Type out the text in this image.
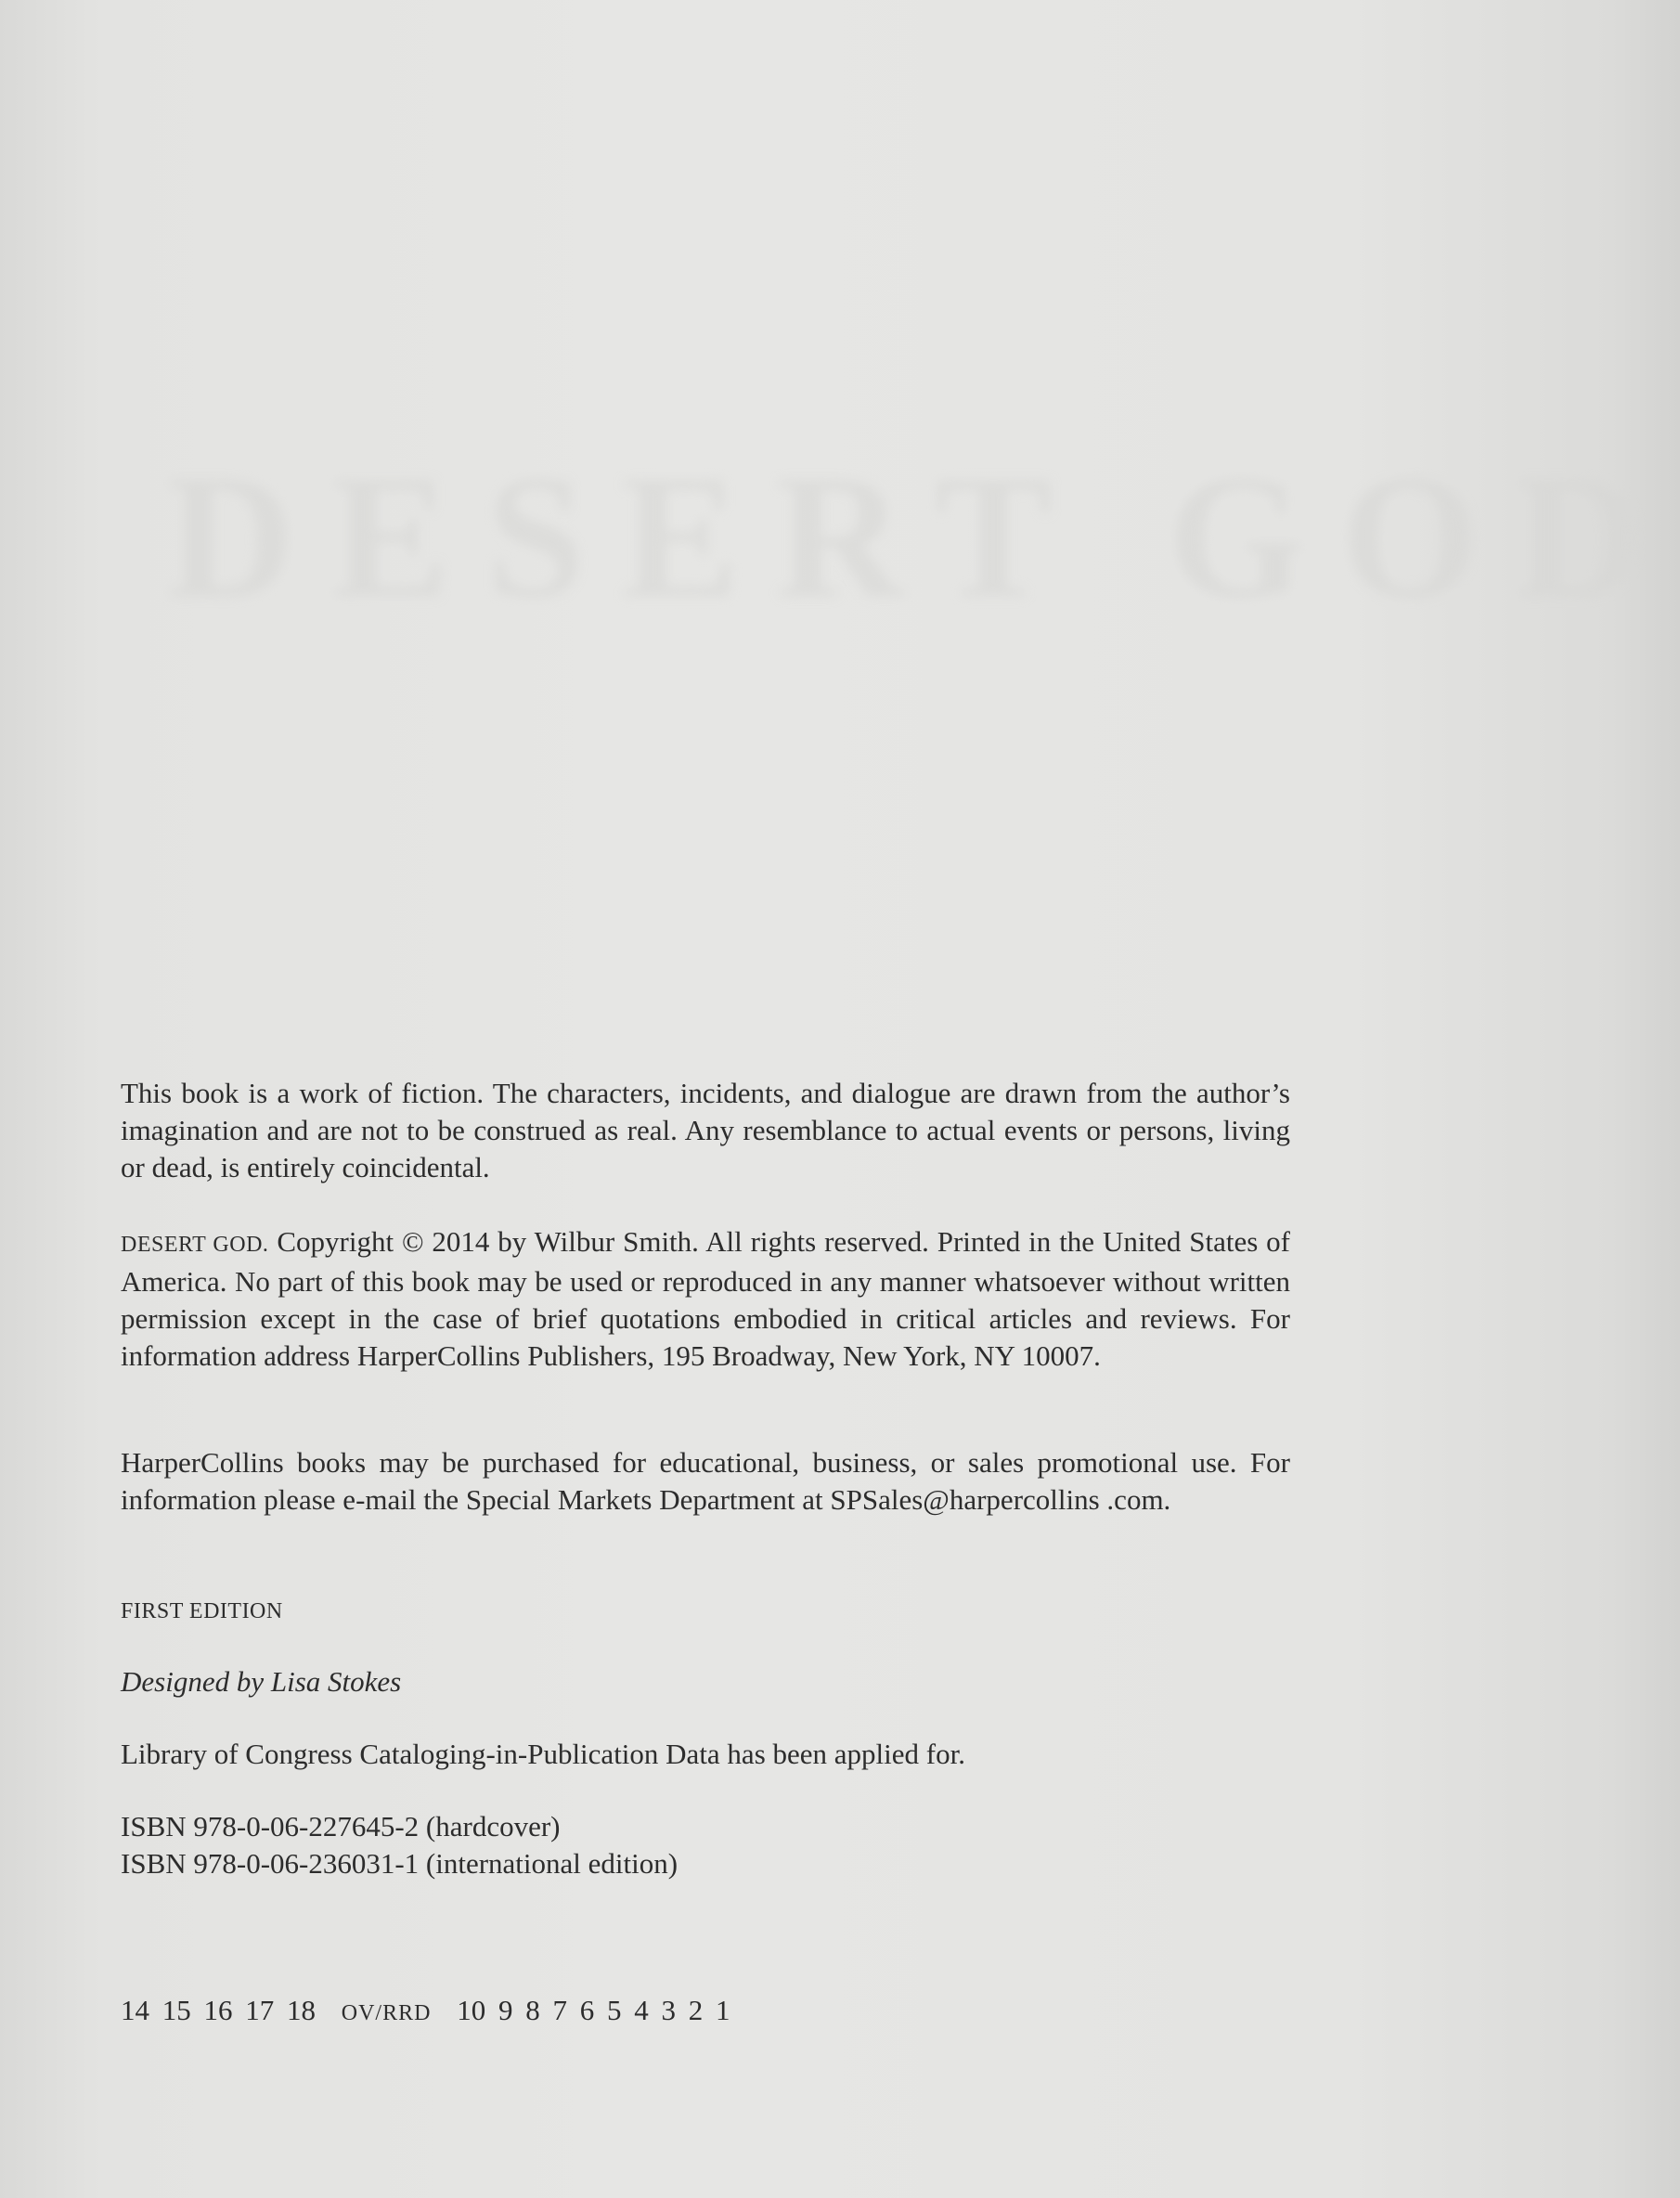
DESERT GOD

This book is a work of fiction. The characters, incidents, and dialogue are drawn from the author’s imagination and are not to be construed as real. Any resemblance to actual events or persons, living or dead, is entirely coincidental.

DESERT GOD. Copyright © 2014 by Wilbur Smith. All rights reserved. Printed in the United States of America. No part of this book may be used or reproduced in any manner whatsoever without written permission except in the case of brief quotations embodied in critical articles and reviews. For information address HarperCollins Publishers, 195 Broadway, New York, NY 10007.

HarperCollins books may be purchased for educational, business, or sales promotional use. For information please e-mail the Special Markets Department at SPSales@harpercollins .com.

FIRST EDITION

Designed by Lisa Stokes

Library of Congress Cataloging-in-Publication Data has been applied for.

ISBN 978-0-06-227645-2 (hardcover)
ISBN 978-0-06-236031-1 (international edition)
14 15 16 17 18 OV/RRD 10 9 8 7 6 5 4 3 2 1
